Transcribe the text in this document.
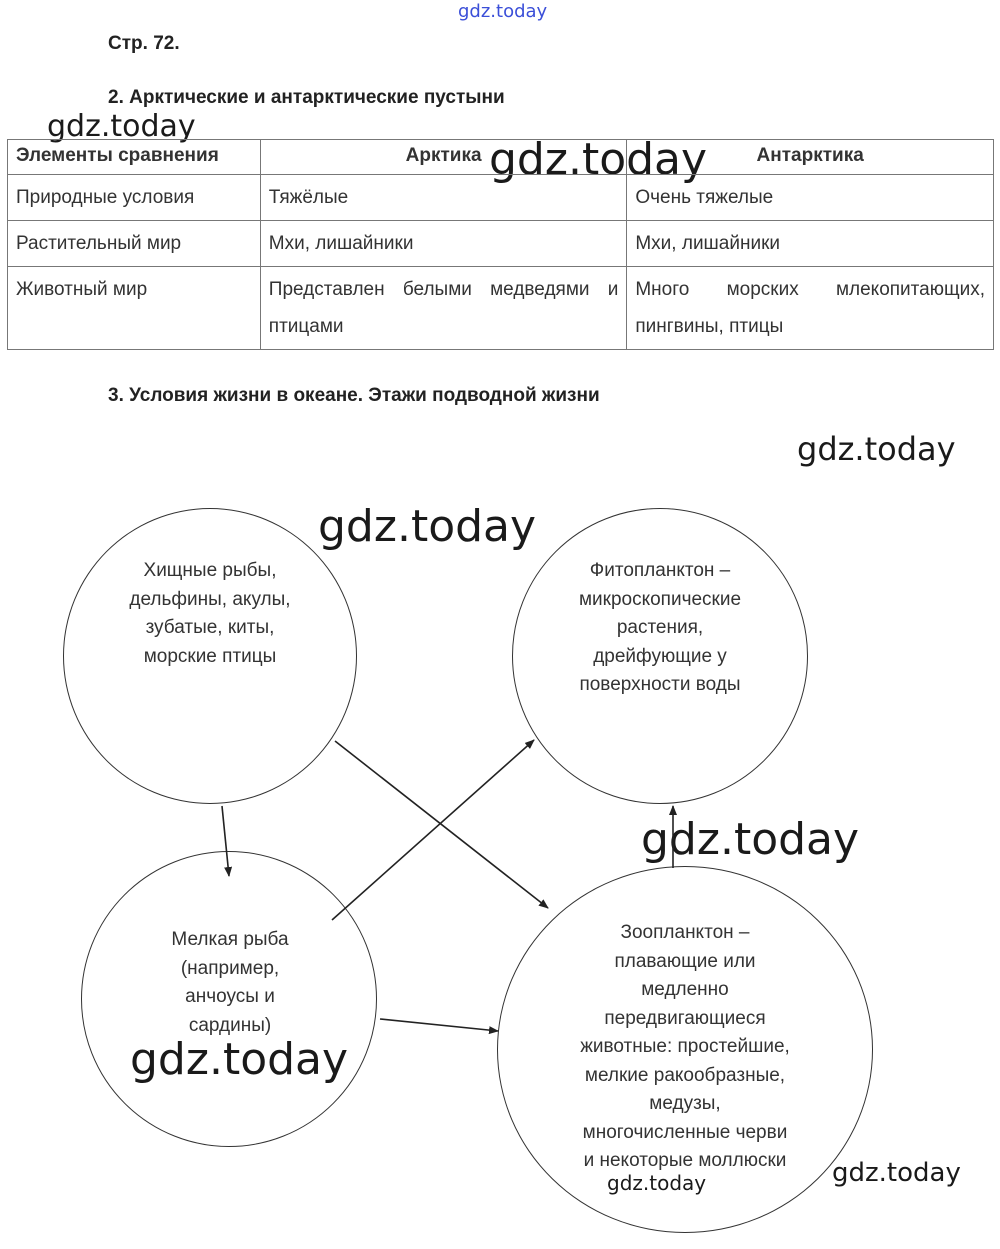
gdz.today
gdz.today
gdz.today
gdz.today
gdz.today
gdz.today
gdz.today
gdz.today
gdz.today
Стр. 72.
2. Арктические и антарктические пустыни
Элементы сравнения	Арктика	Антарктика
Природные условия	Тяжёлые	Очень тяжелые
Растительный мир	Мхи, лишайники	Мхи, лишайники
Животный мир	Представлен белыми медведями и птицами	Много морских млекопитающих, пингвины, птицы
3. Условия жизни в океане. Этажи подводной жизни
Хищные рыбы,
дельфины, акулы,
зубатые, киты,
морские птицы
Фитопланктон –
микроскопические
растения,
дрейфующие у
поверхности воды
Мелкая рыба
(например,
анчоусы и
сардины)
Зоопланктон –
плавающие или
медленно
передвигающиеся
животные: простейшие,
мелкие ракообразные,
медузы,
многочисленные черви
и некоторые моллюски
